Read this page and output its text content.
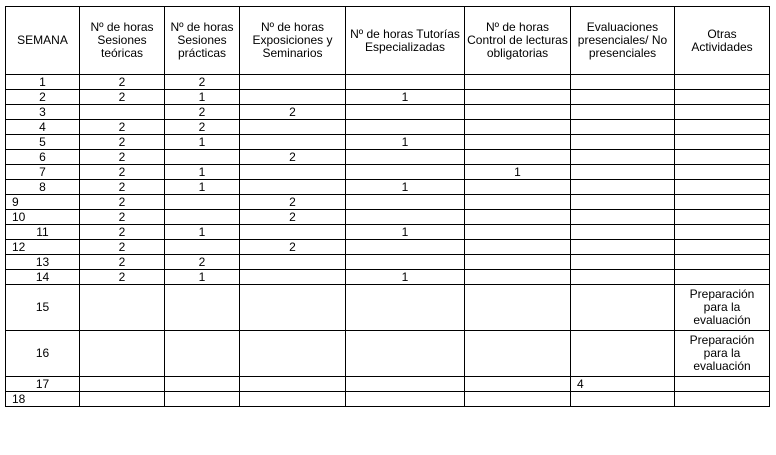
SEMANA	Nº de horas Sesiones teóricas	Nº de horas Sesiones prácticas	Nº de horas Exposiciones y Seminarios	Nº de horas Tutorías Especializadas	Nº de horas Control de lecturas obligatorias	Evaluaciones presenciales/ No presenciales	Otras Actividades
1	2	2					
2	2	1		1			
3		2	2				
4	2	2					
5	2	1		1			
6	2		2				
7	2	1			1		
8	2	1		1			
9	2		2				
10	2		2				
11	2	1		1			
12	2		2				
13	2	2					
14	2	1		1			
15							Preparación para la evaluación
16							Preparación para la evaluación
17						4	
18							
